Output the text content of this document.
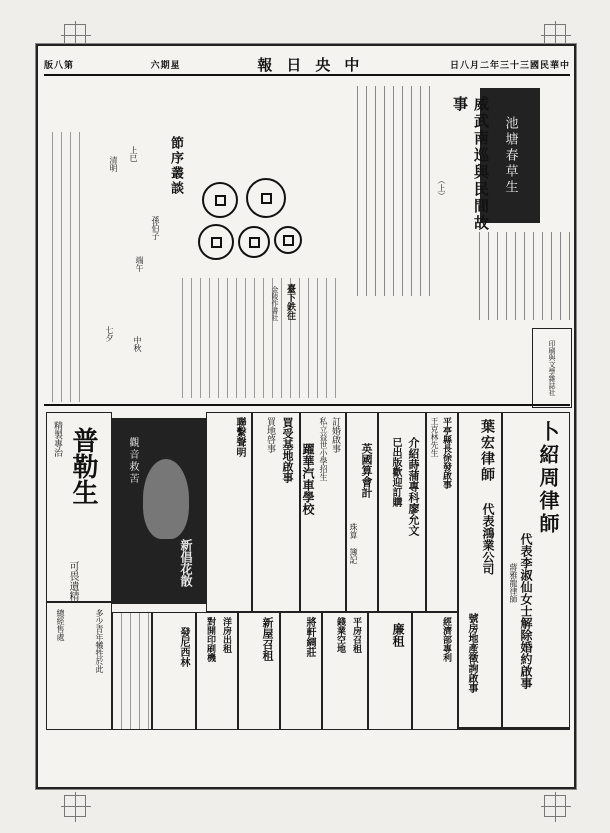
版八第	六期星	報日央中	日八月二年三十三國民華中
池塘春草生
威武南巡與民間故事
（上）
印刷與文學雜誌社
節序叢談
孫伯子
上巳
清明
端午
七夕
中秋
臺下鉄往
金陵作書社
卜紹周律師
代表李淑仙女士解除婚約啟事
蔣雅龍律師
葉宏律師
代表鴻業公司
號房地產徵詢啟事
平亭縣長徐發啟事
王克林先生
介紹蒔蒲專科廖允文
已出版歡迎訂購
英國算會計
珠算 簿記
訂婚啟事
私立益世小學招生
躍華汽車學校
買受基地啟事
買地啓事
聯繫聲明
觀音救苦
新倡花散
精製專治 普勒生
可畏遺精
多少青年犧牲於此
總經售處	經濟部專利
廉租
平房召租
錢業空地
將軒綢莊
新屋召租
洋房出租
對開印刷機
發尼西林
